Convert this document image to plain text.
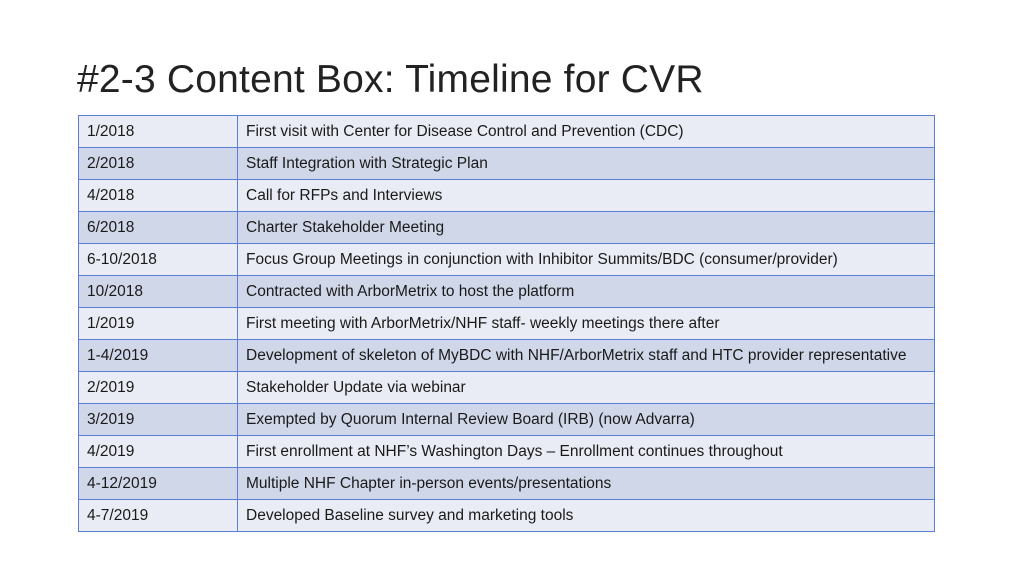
#2-3 Content Box: Timeline for CVR
1/2018	First visit with Center for Disease Control and Prevention (CDC)
2/2018	Staff Integration with Strategic Plan
4/2018	Call for RFPs and Interviews
6/2018	Charter Stakeholder Meeting
6-10/2018	Focus Group Meetings in conjunction with Inhibitor Summits/BDC (consumer/provider)
10/2018	Contracted with ArborMetrix to host the platform
1/2019	First meeting with ArborMetrix/NHF staff- weekly meetings there after
1-4/2019	Development of skeleton of MyBDC with NHF/ArborMetrix staff and HTC provider representative
2/2019	Stakeholder Update via webinar
3/2019	Exempted by Quorum Internal Review Board (IRB) (now Advarra)
4/2019	First enrollment at NHF’s Washington Days – Enrollment continues throughout
4-12/2019	Multiple NHF Chapter in-person events/presentations
4-7/2019	Developed Baseline survey and marketing tools
